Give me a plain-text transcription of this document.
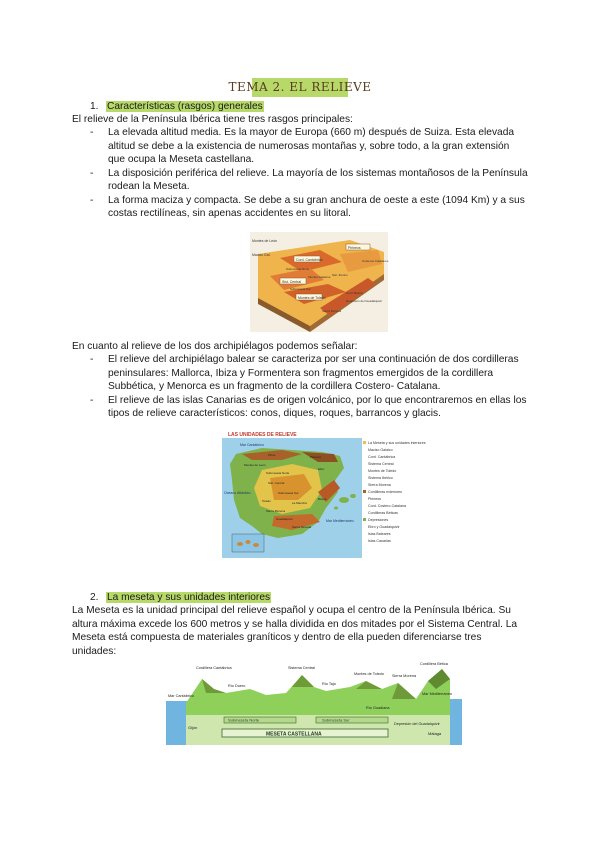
TEMA 2. EL RELIEVE
1. Características (rasgos) generales
El relieve de la Península Ibérica tiene tres rasgos principales:
- La elevada altitud media. Es la mayor de Europa (660 m) después de Suiza. Esta elevada altitud se debe a la existencia de numerosas montañas y, sobre todo, a la gran extensión que ocupa la Meseta castellana.
- La disposición periférica del relieve. La mayoría de los sistemas montañosos de la Península rodean la Meseta.
- La forma maciza y compacta. Se debe a su gran anchura de oeste a este (1094 Km) y a sus costas rectilíneas, sin apenas accidentes en su litoral.
Cord. Cantábrica
Pirineos
Sist. Central
Montes de Toledo
Montes de León
Macizo Gal.
Submeseta Norte
Submeseta Sur
Sierra Morena
Sist. Ibérico
Montes Galaicos
Cord. Bética
Costeros Catalanes
Depresión del Guadalquivir
En cuanto al relieve de los dos archipiélagos podemos señalar:
- El relieve del archipiélago balear se caracteriza por ser una continuación de dos cordilleras peninsulares: Mallorca, Ibiza y Formentera son fragmentos emergidos de la cordillera Subbética, y Menorca es un fragmento de la cordillera Costero- Catalana.
- El relieve de las islas Canarias es de origen volcánico, por lo que encontraremos en ellas los tipos de relieve característicos: conos, diques, roques, barrancos y glacis.
LAS UNIDADES DE RELIEVE
Mar Cantábrico
Mar Mediterráneo
Océano Atlántico
Picos	Pirineos
Montes de León
Submeseta Norte
Sist. Central
Submeseta Sur
Toledo	La Mancha
Sierra Morena
Guadalquivir
Sierra Nevada
Ebro
Bética
La Meseta y sus unidades interiores
Macizo Galaico
Cord. Cantábrica
Sistema Central
Montes de Toledo
Sistema Ibérico
Sierra Morena
Cordilleras exteriores
Pirineos
Cord. Costero-Catalana
Cordilleras Béticas
Depresiones
Ebro y Guadalquivir
Islas Baleares
Islas Canarias
2. La meseta y sus unidades interiores
La Meseta es la unidad principal del relieve español y ocupa el centro de la Península Ibérica. Su altura máxima excede los 600 metros y se halla dividida en dos mitades por el Sistema Central. La Meseta está compuesta de materiales graníticos y dentro de ella pueden diferenciarse tres unidades:
Submeseta Norte	Submeseta Sur
MESETA CASTELLANA
Cordillera Cantábrica
Río Duero
Sistema Central
Montes de Toledo
Río Tajo
Sierra Morena
Cordillera Bética
Mar Cantábrico	Mar Mediterráneo
Gijón
Río Guadiana
Depresión del Guadalquivir
Málaga
